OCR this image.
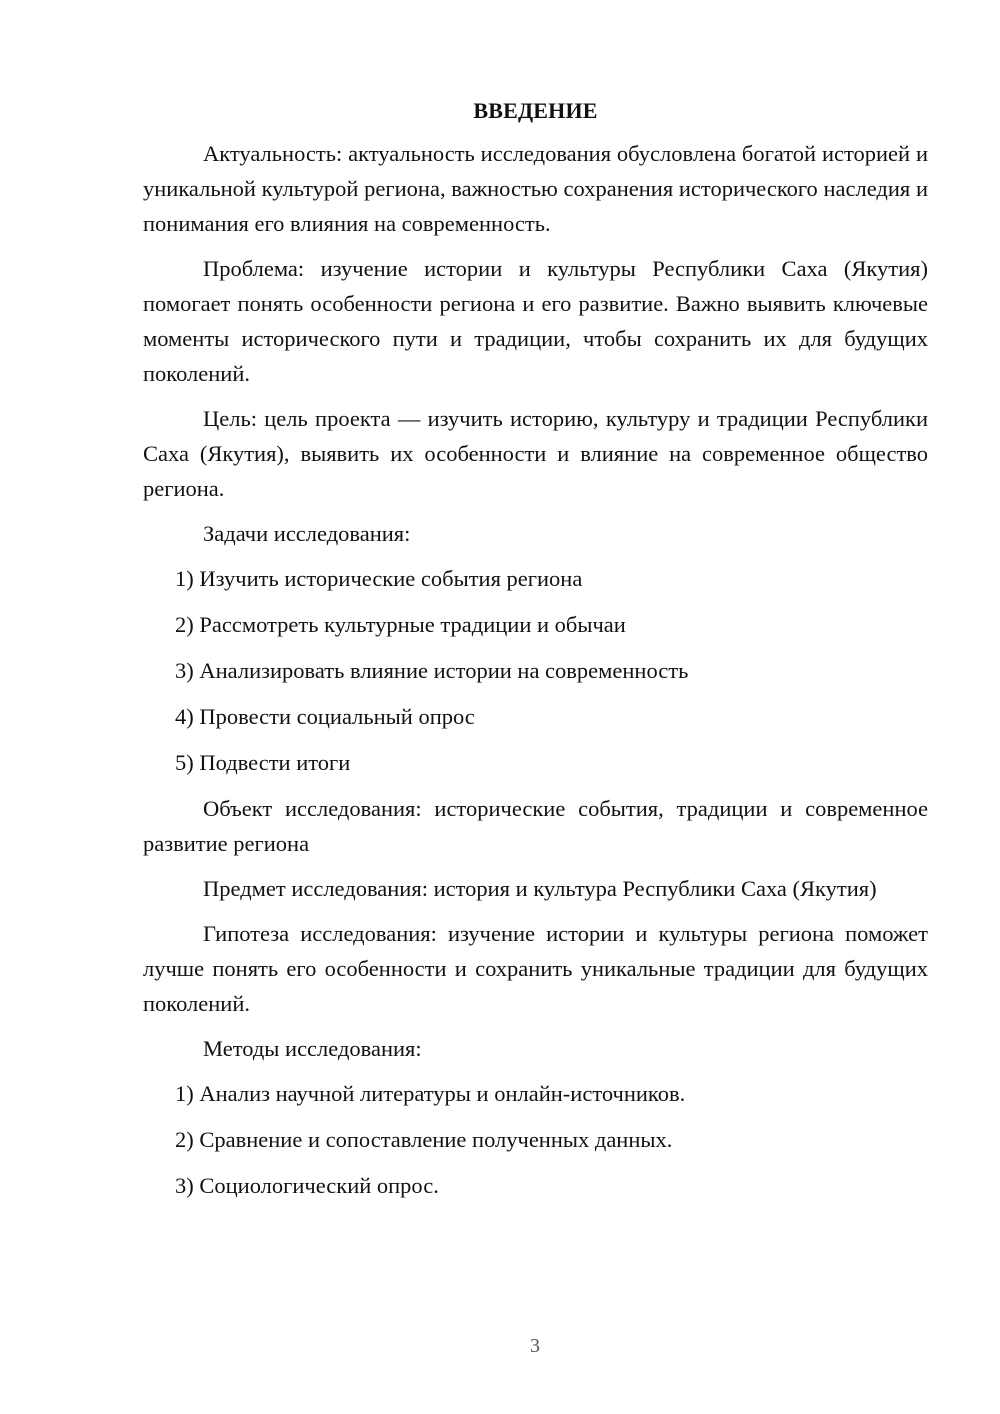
ВВЕДЕНИЕ

Актуальность: актуальность исследования обусловлена богатой историей и уникальной культурой региона, важностью сохранения исторического наследия и понимания его влияния на современность.

Проблема: изучение истории и культуры Республики Саха (Якутия) помогает понять особенности региона и его развитие. Важно выявить ключевые моменты исторического пути и традиции, чтобы сохранить их для будущих поколений.

Цель: цель проекта — изучить историю, культуру и традиции Республики Саха (Якутия), выявить их особенности и влияние на современное общество региона.

Задачи исследования:

1) Изучить исторические события региона
2) Рассмотреть культурные традиции и обычаи
3) Анализировать влияние истории на современность
4) Провести социальный опрос
5) Подвести итоги

Объект исследования: исторические события, традиции и современное развитие региона

Предмет исследования: история и культура Республики Саха (Якутия)

Гипотеза исследования: изучение истории и культуры региона поможет лучше понять его особенности и сохранить уникальные традиции для будущих поколений.

Методы исследования:

1) Анализ научной литературы и онлайн-источников.
2) Сравнение и сопоставление полученных данных.
3) Социологический опрос.
3
